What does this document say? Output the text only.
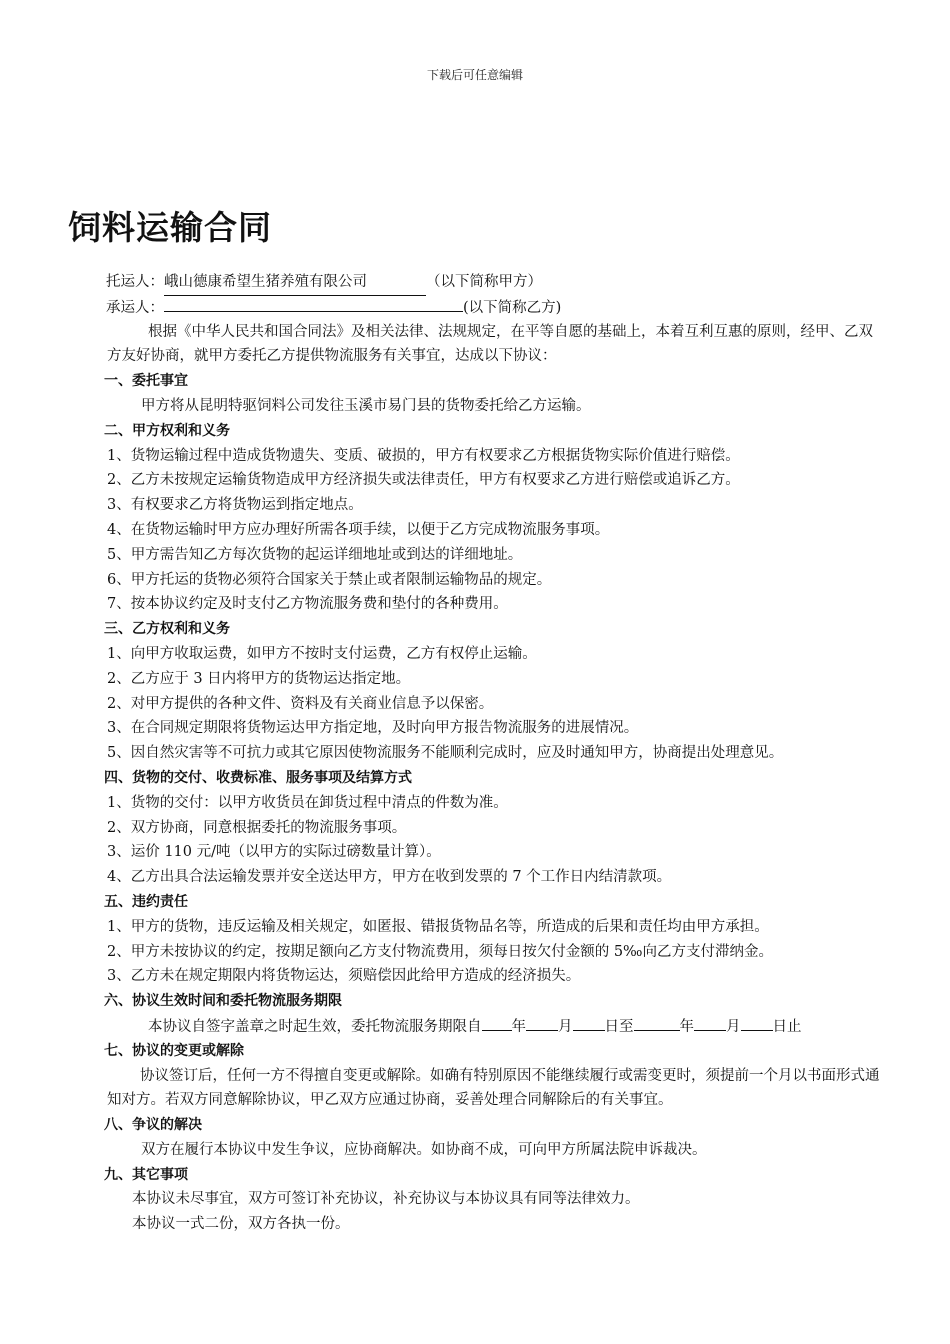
下载后可任意编辑
饲料运输合同
托运人：峨山德康希望生猪养殖有限公司	（以下简称甲方）
承运人：	(以下简称乙方)
根据《中华人民共和国合同法》及相关法律、法规规定，在平等自愿的基础上，本着互利互惠的原则，经甲、乙双方友好协商，就甲方委托乙方提供物流服务有关事宜，达成以下协议：
一、委托事宜
甲方将从昆明特驱饲料公司发往玉溪市易门县的货物委托给乙方运输。
二、甲方权利和义务
1、货物运输过程中造成货物遗失、变质、破损的，甲方有权要求乙方根据货物实际价值进行赔偿。
2、乙方未按规定运输货物造成甲方经济损失或法律责任，甲方有权要求乙方进行赔偿或追诉乙方。
3、有权要求乙方将货物运到指定地点。
4、在货物运输时甲方应办理好所需各项手续，以便于乙方完成物流服务事项。
5、甲方需告知乙方每次货物的起运详细地址或到达的详细地址。
6、甲方托运的货物必须符合国家关于禁止或者限制运输物品的规定。
7、按本协议约定及时支付乙方物流服务费和垫付的各种费用。
三、乙方权利和义务
1、向甲方收取运费，如甲方不按时支付运费，乙方有权停止运输。
2、乙方应于 3 日内将甲方的货物运达指定地。
2、对甲方提供的各种文件、资料及有关商业信息予以保密。
3、在合同规定期限将货物运达甲方指定地，及时向甲方报告物流服务的进展情况。
5、因自然灾害等不可抗力或其它原因使物流服务不能顺利完成时，应及时通知甲方，协商提出处理意见。
四、货物的交付、收费标准、服务事项及结算方式
1、货物的交付：以甲方收货员在卸货过程中清点的件数为准。
2、双方协商，同意根据委托的物流服务事项。
3、运价 110 元/吨（以甲方的实际过磅数量计算）。
4、乙方出具合法运输发票并安全送达甲方，甲方在收到发票的 7 个工作日内结清款项。
五、违约责任
1、甲方的货物，违反运输及相关规定，如匿报、错报货物品名等，所造成的后果和责任均由甲方承担。
2、甲方未按协议的约定，按期足额向乙方支付物流费用，须每日按欠付金额的 5‰向乙方支付滞纳金。
3、乙方未在规定期限内将货物运达，须赔偿因此给甲方造成的经济损失。
六、协议生效时间和委托物流服务期限
本协议自签字盖章之时起生效，委托物流服务期限自 年 月 日至	年 月 日止
七、协议的变更或解除
协议签订后，任何一方不得擅自变更或解除。如确有特别原因不能继续履行或需变更时，须提前一个月以书面形式通知对方。若双方同意解除协议，甲乙双方应通过协商，妥善处理合同解除后的有关事宜。
八、争议的解决
双方在履行本协议中发生争议，应协商解决。如协商不成，可向甲方所属法院申诉裁决。
九、其它事项
本协议未尽事宜，双方可签订补充协议，补充协议与本协议具有同等法律效力。
本协议一式二份，双方各执一份。
